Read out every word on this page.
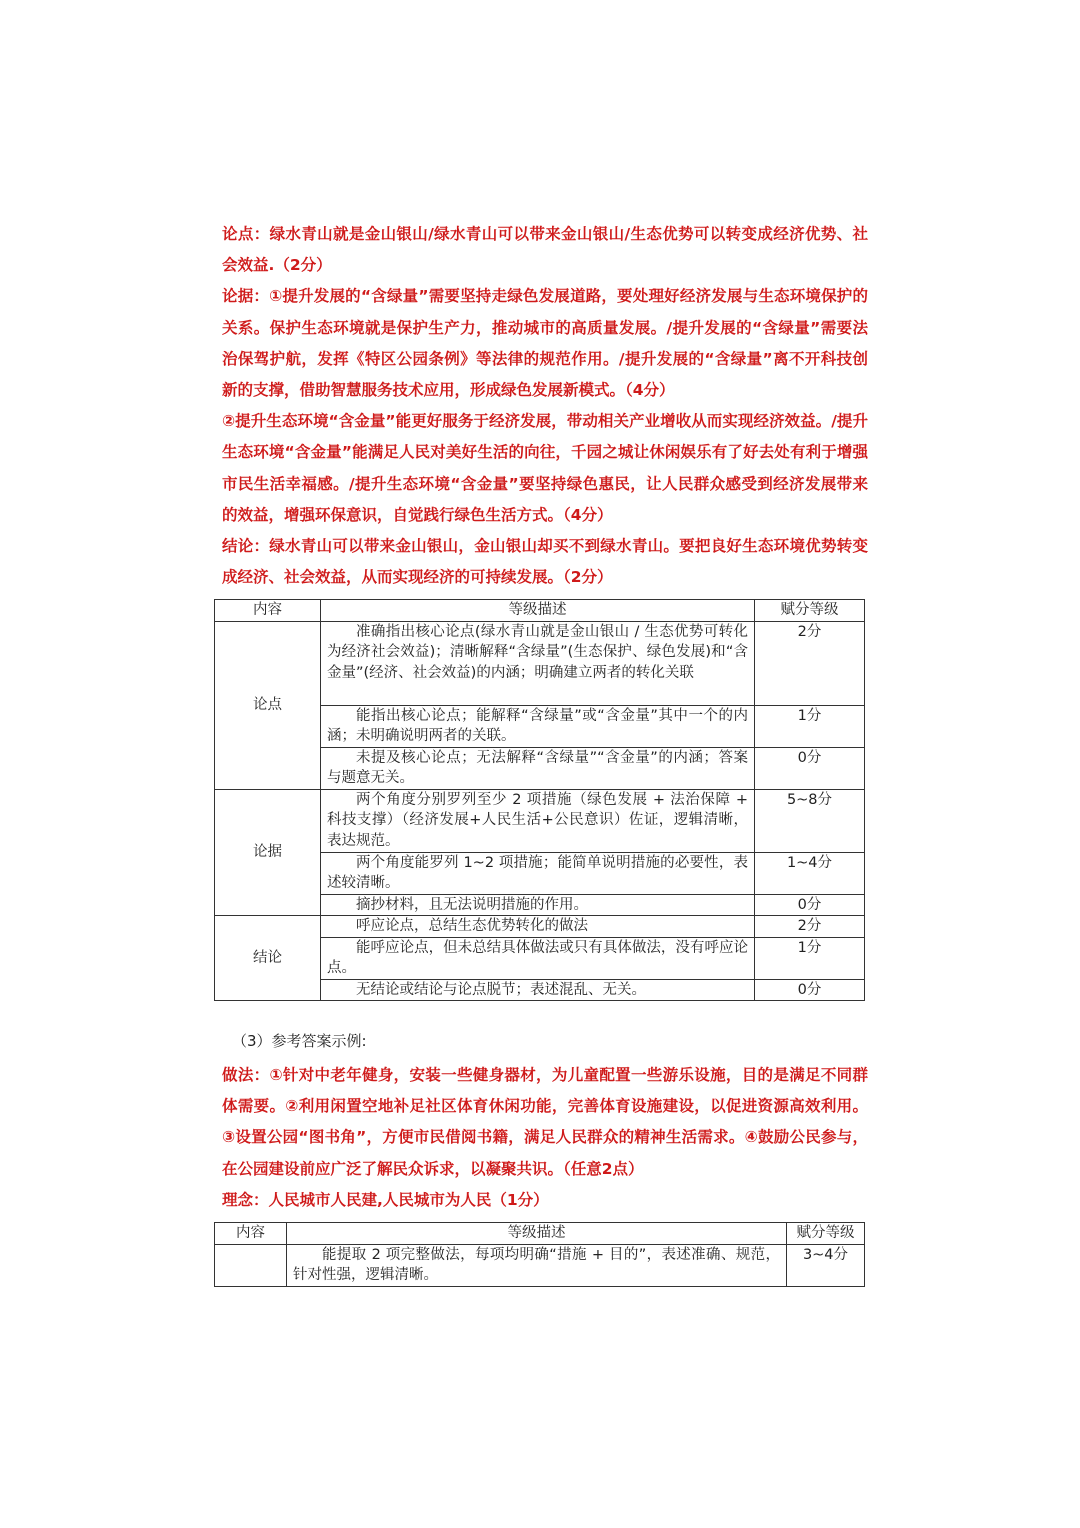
论点：绿水青山就是金山银山/绿水青山可以带来金山银山/生态优势可以转变成经济优势、社会效益.（2分）

论据：①提升发展的“含绿量”需要坚持走绿色发展道路，要处理好经济发展与生态环境保护的关系。保护生态环境就是保护生产力，推动城市的高质量发展。/提升发展的“含绿量”需要法治保驾护航，发挥《特区公园条例》等法律的规范作用。/提升发展的“含绿量”离不开科技创新的支撑，借助智慧服务技术应用，形成绿色发展新模式。（4分）

②提升生态环境“含金量”能更好服务于经济发展，带动相关产业增收从而实现经济效益。/提升生态环境“含金量”能满足人民对美好生活的向往，千园之城让休闲娱乐有了好去处有利于增强市民生活幸福感。/提升生态环境“含金量”要坚持绿色惠民，让人民群众感受到经济发展带来的效益，增强环保意识，自觉践行绿色生活方式。（4分）

结论：绿水青山可以带来金山银山，金山银山却买不到绿水青山。要把良好生态环境优势转变成经济、社会效益，从而实现经济的可持续发展。（2分）

内容	等级描述	赋分等级
论点	准确指出核心论点(绿水青山就是金山银山 / 生态优势可转化为经济社会效益)；清晰解释“含绿量”(生态保护、绿色发展)和“含金量”(经济、社会效益)的内涵；明确建立两者的转化关联	2分
	能指出核心论点；能解释“含绿量”或“含金量”其中一个的内涵；未明确说明两者的关联。	1分
	未提及核心论点；无法解释“含绿量”“含金量”的内涵；答案与题意无关。	0分
论据	两个角度分别罗列至少 2 项措施（绿色发展 + 法治保障 + 科技支撑）（经济发展+人民生活+公民意识）佐证，逻辑清晰，表达规范。	5~8分
	两个角度能罗列 1~2 项措施；能简单说明措施的必要性，表述较清晰。	1~4分
	摘抄材料，且无法说明措施的作用。	0分
结论	呼应论点，总结生态优势转化的做法	2分
	能呼应论点，但未总结具体做法或只有具体做法，没有呼应论点。	1分
	无结论或结论与论点脱节；表述混乱、无关。	0分
（3）参考答案示例:

做法：①针对中老年健身，安装一些健身器材，为儿童配置一些游乐设施，目的是满足不同群体需要。②利用闲置空地补足社区体育休闲功能，完善体育设施建设，以促进资源高效利用。③设置公园“图书角”，方便市民借阅书籍，满足人民群众的精神生活需求。④鼓励公民参与，在公园建设前应广泛了解民众诉求，以凝聚共识。（任意2点）

理念：人民城市人民建,人民城市为人民（1分）

内容	等级描述	赋分等级
	能提取 2 项完整做法，每项均明确“措施 + 目的”，表述准确、规范，针对性强，逻辑清晰。	3~4分
